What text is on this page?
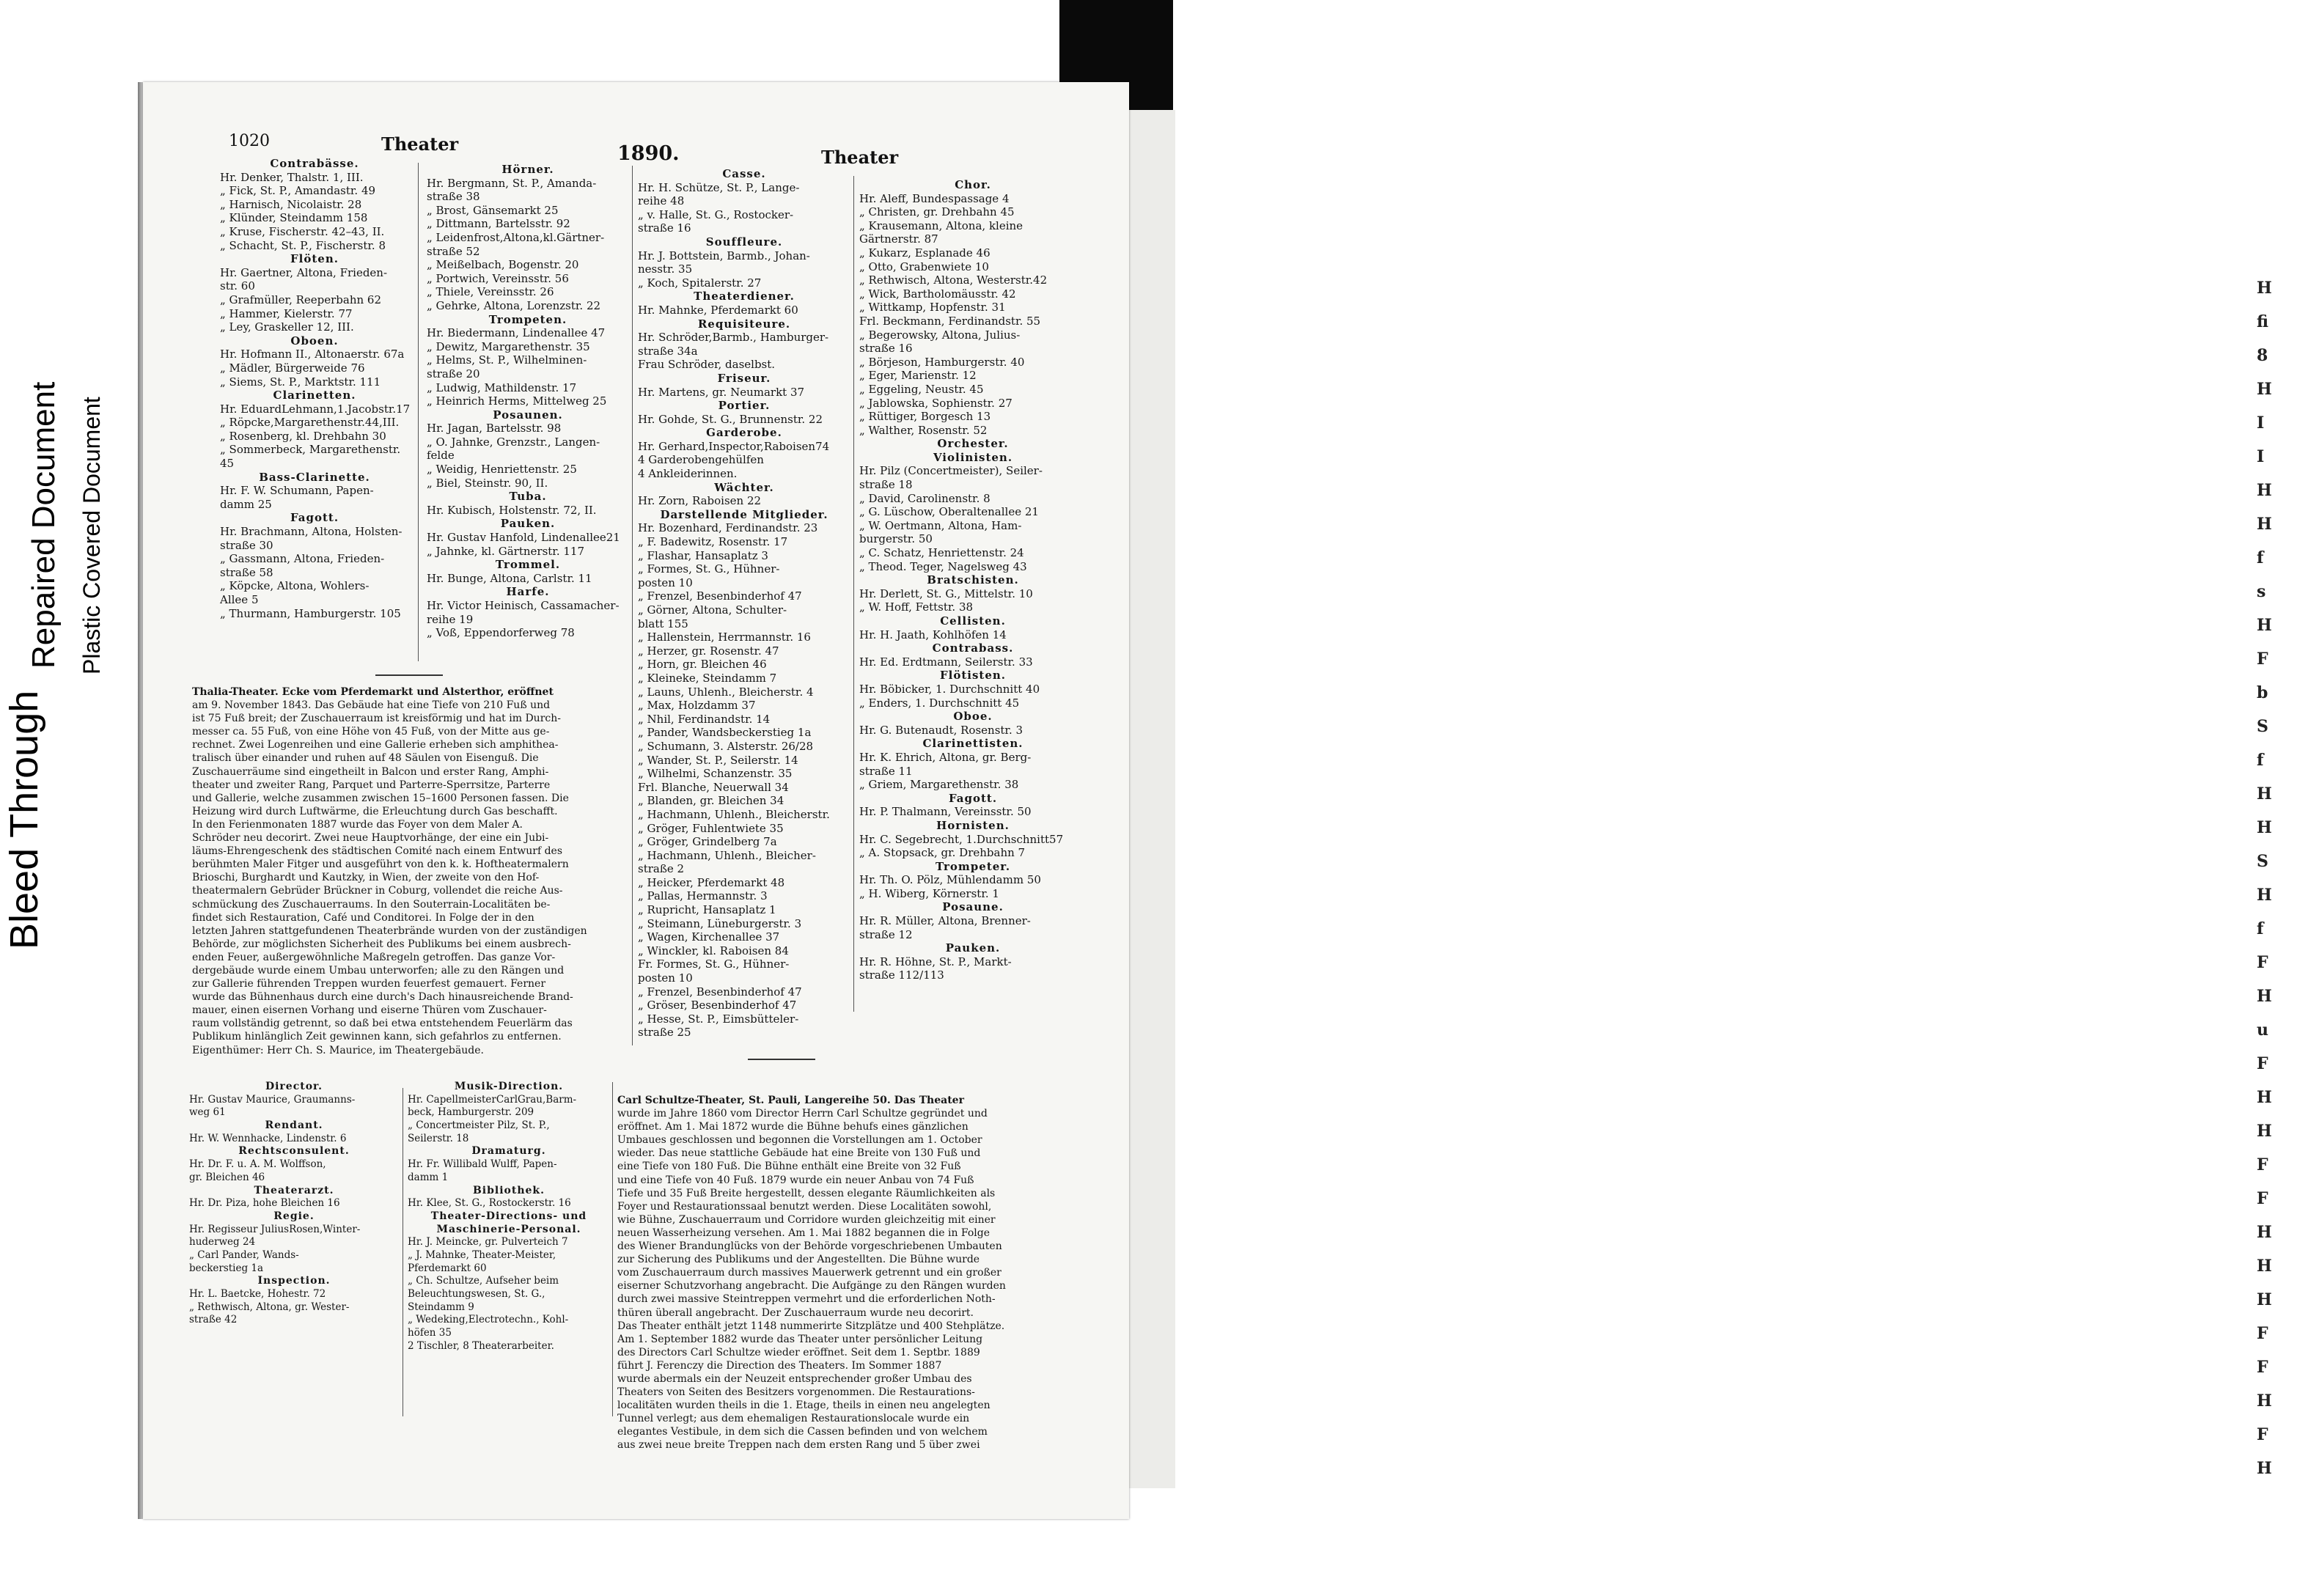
H
fi
8
H
I
I
H
H
f
s
H
F
b
S
f
H
H
S
H
f
F
H
u
F
H
H
F
F
H
H
H
F
F
H
F
H
1020	Theater	1890.	Theater
Contrabässe.
Hr. Denker, Thalstr. 1, III.
„ Fick, St. P., Amandastr. 49
„ Harnisch, Nicolaistr. 28
„ Klünder, Steindamm 158
„ Kruse, Fischerstr. 42–43, II.
„ Schacht, St. P., Fischerstr. 8
Flöten.
Hr. Gaertner, Altona, Frieden-
str. 60
„ Grafmüller, Reeperbahn 62
„ Hammer, Kielerstr. 77
„ Ley, Graskeller 12, III.
Oboen.
Hr. Hofmann II., Altonaerstr. 67a
„ Mädler, Bürgerweide 76
„ Siems, St. P., Marktstr. 111
Clarinetten.
Hr. EduardLehmann,1.Jacobstr.17
„ Röpcke,Margarethenstr.44,III.
„ Rosenberg, kl. Drehbahn 30
„ Sommerbeck, Margarethenstr.
45
Bass-Clarinette.
Hr. F. W. Schumann, Papen-
damm 25
Fagott.
Hr. Brachmann, Altona, Holsten-
straße 30
„ Gassmann, Altona, Frieden-
straße 58
„ Köpcke, Altona, Wohlers-
Allee 5
„ Thurmann, Hamburgerstr. 105
Hörner.
Hr. Bergmann, St. P., Amanda-
straße 38
„ Brost, Gänsemarkt 25
„ Dittmann, Bartelsstr. 92
„ Leidenfrost,Altona,kl.Gärtner-
straße 52
„ Meißelbach, Bogenstr. 20
„ Portwich, Vereinsstr. 56
„ Thiele, Vereinsstr. 26
„ Gehrke, Altona, Lorenzstr. 22
Trompeten.
Hr. Biedermann, Lindenallee 47
„ Dewitz, Margarethenstr. 35
„ Helms, St. P., Wilhelminen-
straße 20
„ Ludwig, Mathildenstr. 17
„ Heinrich Herms, Mittelweg 25
Posaunen.
Hr. Jagan, Bartelsstr. 98
„ O. Jahnke, Grenzstr., Langen-
felde
„ Weidig, Henriettenstr. 25
„ Biel, Steinstr. 90, II.
Tuba.
Hr. Kubisch, Holstenstr. 72, II.
Pauken.
Hr. Gustav Hanfold, Lindenallee21
„ Jahnke, kl. Gärtnerstr. 117
Trommel.
Hr. Bunge, Altona, Carlstr. 11
Harfe.
Hr. Victor Heinisch, Cassamacher-
reihe 19
„ Voß, Eppendorferweg 78
Casse.
Hr. H. Schütze, St. P., Lange-
reihe 48
„ v. Halle, St. G., Rostocker-
straße 16
Souffleure.
Hr. J. Bottstein, Barmb., Johan-
nesstr. 35
„ Koch, Spitalerstr. 27
Theaterdiener.
Hr. Mahnke, Pferdemarkt 60
Requisiteure.
Hr. Schröder,Barmb., Hamburger-
straße 34a
Frau Schröder, daselbst.
Friseur.
Hr. Martens, gr. Neumarkt 37
Portier.
Hr. Gohde, St. G., Brunnenstr. 22
Garderobe.
Hr. Gerhard,Inspector,Raboisen74
4 Garderobengehülfen
4 Ankleiderinnen.
Wächter.
Hr. Zorn, Raboisen 22
Darstellende Mitglieder.
Hr. Bozenhard, Ferdinandstr. 23
„ F. Badewitz, Rosenstr. 17
„ Flashar, Hansaplatz 3
„ Formes, St. G., Hühner-
posten 10
„ Frenzel, Besenbinderhof 47
„ Görner, Altona, Schulter-
blatt 155
„ Hallenstein, Herrmannstr. 16
„ Herzer, gr. Rosenstr. 47
„ Horn, gr. Bleichen 46
„ Kleineke, Steindamm 7
„ Launs, Uhlenh., Bleicherstr. 4
„ Max, Holzdamm 37
„ Nhil, Ferdinandstr. 14
„ Pander, Wandsbeckerstieg 1a
„ Schumann, 3. Alsterstr. 26/28
„ Wander, St. P., Seilerstr. 14
„ Wilhelmi, Schanzenstr. 35
Frl. Blanche, Neuerwall 34
„ Blanden, gr. Bleichen 34
„ Hachmann, Uhlenh., Bleicherstr.
„ Gröger, Fuhlentwiete 35
„ Gröger, Grindelberg 7a
„ Hachmann, Uhlenh., Bleicher-
straße 2
„ Heicker, Pferdemarkt 48
„ Pallas, Hermannstr. 3
„ Rupricht, Hansaplatz 1
„ Steimann, Lüneburgerstr. 3
„ Wagen, Kirchenallee 37
„ Winckler, kl. Raboisen 84
Fr. Formes, St. G., Hühner-
posten 10
„ Frenzel, Besenbinderhof 47
„ Gröser, Besenbinderhof 47
„ Hesse, St. P., Eimsbütteler-
straße 25
Chor.
Hr. Aleff, Bundespassage 4
„ Christen, gr. Drehbahn 45
„ Krausemann, Altona, kleine
Gärtnerstr. 87
„ Kukarz, Esplanade 46
„ Otto, Grabenwiete 10
„ Rethwisch, Altona, Westerstr.42
„ Wick, Bartholomäusstr. 42
„ Wittkamp, Hopfenstr. 31
Frl. Beckmann, Ferdinandstr. 55
„ Begerowsky, Altona, Julius-
straße 16
„ Börjeson, Hamburgerstr. 40
„ Eger, Marienstr. 12
„ Eggeling, Neustr. 45
„ Jablowska, Sophienstr. 27
„ Rüttiger, Borgesch 13
„ Walther, Rosenstr. 52
Orchester.
Violinisten.
Hr. Pilz (Concertmeister), Seiler-
straße 18
„ David, Carolinenstr. 8
„ G. Lüschow, Oberaltenallee 21
„ W. Oertmann, Altona, Ham-
burgerstr. 50
„ C. Schatz, Henriettenstr. 24
„ Theod. Teger, Nagelsweg 43
Bratschisten.
Hr. Derlett, St. G., Mittelstr. 10
„ W. Hoff, Fettstr. 38
Cellisten.
Hr. H. Jaath, Kohlhöfen 14
Contrabass.
Hr. Ed. Erdtmann, Seilerstr. 33
Flötisten.
Hr. Böbicker, 1. Durchschnitt 40
„ Enders, 1. Durchschnitt 45
Oboe.
Hr. G. Butenaudt, Rosenstr. 3
Clarinettisten.
Hr. K. Ehrich, Altona, gr. Berg-
straße 11
„ Griem, Margarethenstr. 38
Fagott.
Hr. P. Thalmann, Vereinsstr. 50
Hornisten.
Hr. C. Segebrecht, 1.Durchschnitt57
„ A. Stopsack, gr. Drehbahn 7
Trompeter.
Hr. Th. O. Pölz, Mühlendamm 50
„ H. Wiberg, Körnerstr. 1
Posaune.
Hr. R. Müller, Altona, Brenner-
straße 12
Pauken.
Hr. R. Höhne, St. P., Markt-
straße 112/113
Thalia-Theater. Ecke vom Pferdemarkt und Alsterthor, eröffnet
am 9. November 1843. Das Gebäude hat eine Tiefe von 210 Fuß und
ist 75 Fuß breit; der Zuschauerraum ist kreisförmig und hat im Durch-
messer ca. 55 Fuß, von eine Höhe von 45 Fuß, von der Mitte aus ge-
rechnet. Zwei Logenreihen und eine Gallerie erheben sich amphithea-
tralisch über einander und ruhen auf 48 Säulen von Eisenguß. Die
Zuschauerräume sind eingetheilt in Balcon und erster Rang, Amphi-
theater und zweiter Rang, Parquet und Parterre-Sperrsitze, Parterre
und Gallerie, welche zusammen zwischen 15–1600 Personen fassen. Die
Heizung wird durch Luftwärme, die Erleuchtung durch Gas beschafft.
In den Ferienmonaten 1887 wurde das Foyer von dem Maler A.
Schröder neu decorirt. Zwei neue Hauptvorhänge, der eine ein Jubi-
läums-Ehrengeschenk des städtischen Comité nach einem Entwurf des
berühmten Maler Fitger und ausgeführt von den k. k. Hoftheatermalern
Brioschi, Burghardt und Kautzky, in Wien, der zweite von den Hof-
theatermalern Gebrüder Brückner in Coburg, vollendet die reiche Aus-
schmückung des Zuschauerraums. In den Souterrain-Localitäten be-
findet sich Restauration, Café und Conditorei. In Folge der in den
letzten Jahren stattgefundenen Theaterbrände wurden von der zuständigen
Behörde, zur möglichsten Sicherheit des Publikums bei einem ausbrech-
enden Feuer, außergewöhnliche Maßregeln getroffen. Das ganze Vor-
dergebäude wurde einem Umbau unterworfen; alle zu den Rängen und
zur Gallerie führenden Treppen wurden feuerfest gemauert. Ferner
wurde das Bühnenhaus durch eine durch's Dach hinausreichende Brand-
mauer, einen eisernen Vorhang und eiserne Thüren vom Zuschauer-
raum vollständig getrennt, so daß bei etwa entstehendem Feuerlärm das
Publikum hinlänglich Zeit gewinnen kann, sich gefahrlos zu entfernen.
Eigenthümer: Herr Ch. S. Maurice, im Theatergebäude.
Director.
Hr. Gustav Maurice, Graumanns-
weg 61
Rendant.
Hr. W. Wennhacke, Lindenstr. 6
Rechtsconsulent.
Hr. Dr. F. u. A. M. Wolffson,
gr. Bleichen 46
Theaterarzt.
Hr. Dr. Piza, hohe Bleichen 16
Regie.
Hr. Regisseur JuliusRosen,Winter-
huderweg 24
„ Carl Pander, Wands-
beckerstieg 1a
Inspection.
Hr. L. Baetcke, Hohestr. 72
„ Rethwisch, Altona, gr. Wester-
straße 42
Musik-Direction.
Hr. CapellmeisterCarlGrau,Barm-
beck, Hamburgerstr. 209
„ Concertmeister Pilz, St. P.,
Seilerstr. 18
Dramaturg.
Hr. Fr. Willibald Wulff, Papen-
damm 1
Bibliothek.
Hr. Klee, St. G., Rostockerstr. 16
Theater-Directions- und
Maschinerie-Personal.
Hr. J. Meincke, gr. Pulverteich 7
„ J. Mahnke, Theater-Meister,
Pferdemarkt 60
„ Ch. Schultze, Aufseher beim
Beleuchtungswesen, St. G.,
Steindamm 9
„ Wedeking,Electrotechn., Kohl-
höfen 35
2 Tischler, 8 Theaterarbeiter.
Carl Schultze-Theater, St. Pauli, Langereihe 50. Das Theater
wurde im Jahre 1860 vom Director Herrn Carl Schultze gegründet und
eröffnet. Am 1. Mai 1872 wurde die Bühne behufs eines gänzlichen
Umbaues geschlossen und begonnen die Vorstellungen am 1. October
wieder. Das neue stattliche Gebäude hat eine Breite von 130 Fuß und
eine Tiefe von 180 Fuß. Die Bühne enthält eine Breite von 32 Fuß
und eine Tiefe von 40 Fuß. 1879 wurde ein neuer Anbau von 74 Fuß
Tiefe und 35 Fuß Breite hergestellt, dessen elegante Räumlichkeiten als
Foyer und Restaurationssaal benutzt werden. Diese Localitäten sowohl,
wie Bühne, Zuschauerraum und Corridore wurden gleichzeitig mit einer
neuen Wasserheizung versehen. Am 1. Mai 1882 begannen die in Folge
des Wiener Brandunglücks von der Behörde vorgeschriebenen Umbauten
zur Sicherung des Publikums und der Angestellten. Die Bühne wurde
vom Zuschauerraum durch massives Mauerwerk getrennt und ein großer
eiserner Schutzvorhang angebracht. Die Aufgänge zu den Rängen wurden
durch zwei massive Steintreppen vermehrt und die erforderlichen Noth-
thüren überall angebracht. Der Zuschauerraum wurde neu decorirt.
Das Theater enthält jetzt 1148 nummerirte Sitzplätze und 400 Stehplätze.
Am 1. September 1882 wurde das Theater unter persönlicher Leitung
des Directors Carl Schultze wieder eröffnet. Seit dem 1. Septbr. 1889
führt J. Ferenczy die Direction des Theaters. Im Sommer 1887
wurde abermals ein der Neuzeit entsprechender großer Umbau des
Theaters von Seiten des Besitzers vorgenommen. Die Restaurations-
localitäten wurden theils in die 1. Etage, theils in einen neu angelegten
Tunnel verlegt; aus dem ehemaligen Restaurationslocale wurde ein
elegantes Vestibule, in dem sich die Cassen befinden und von welchem
aus zwei neue breite Treppen nach dem ersten Rang und 5 über zwei
Bleed Through
Repaired Document Plastic Covered Document
